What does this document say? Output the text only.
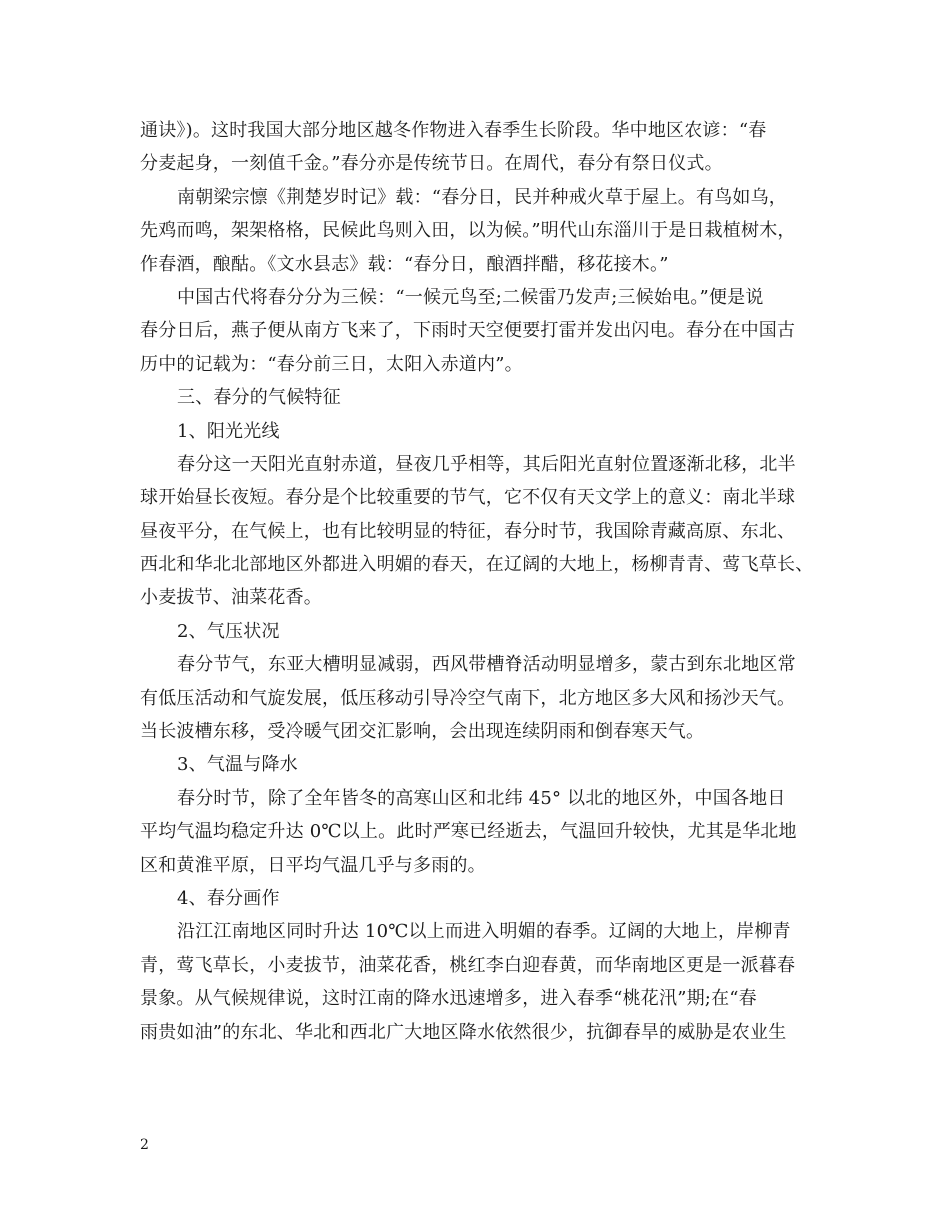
通诀》)。这时我国大部分地区越冬作物进入春季生长阶段。华中地区农谚：“春
分麦起身，一刻值千金。”春分亦是传统节日。在周代，春分有祭日仪式。
南朝梁宗懔《荆楚岁时记》载：“春分日，民并种戒火草于屋上。有鸟如乌，
先鸡而鸣，架架格格，民候此鸟则入田，以为候。”明代山东淄川于是日栽植树木，
作春酒，酿酤。《文水县志》载：“春分日，酿酒拌醋，移花接木。”
中国古代将春分分为三候：“一候元鸟至;二候雷乃发声;三候始电。”便是说
春分日后，燕子便从南方飞来了，下雨时天空便要打雷并发出闪电。春分在中国古
历中的记载为：“春分前三日，太阳入赤道内”。
三、春分的气候特征
1、阳光光线
春分这一天阳光直射赤道，昼夜几乎相等，其后阳光直射位置逐渐北移，北半
球开始昼长夜短。春分是个比较重要的节气，它不仅有天文学上的意义：南北半球
昼夜平分，在气候上，也有比较明显的特征，春分时节，我国除青藏高原、东北、
西北和华北北部地区外都进入明媚的春天，在辽阔的大地上，杨柳青青、莺飞草长、
小麦拔节、油菜花香。
2、气压状况
春分节气，东亚大槽明显减弱，西风带槽脊活动明显增多，蒙古到东北地区常
有低压活动和气旋发展，低压移动引导冷空气南下，北方地区多大风和扬沙天气。
当长波槽东移，受冷暖气团交汇影响，会出现连续阴雨和倒春寒天气。
3、气温与降水
春分时节，除了全年皆冬的高寒山区和北纬 45° 以北的地区外，中国各地日
平均气温均稳定升达 0℃以上。此时严寒已经逝去，气温回升较快，尤其是华北地
区和黄淮平原，日平均气温几乎与多雨的。
4、春分画作
沿江江南地区同时升达 10℃以上而进入明媚的春季。辽阔的大地上，岸柳青
青，莺飞草长，小麦拔节，油菜花香，桃红李白迎春黄，而华南地区更是一派暮春
景象。从气候规律说，这时江南的降水迅速增多，进入春季“桃花汛”期;在“春
雨贵如油”的东北、华北和西北广大地区降水依然很少，抗御春旱的威胁是农业生
2
